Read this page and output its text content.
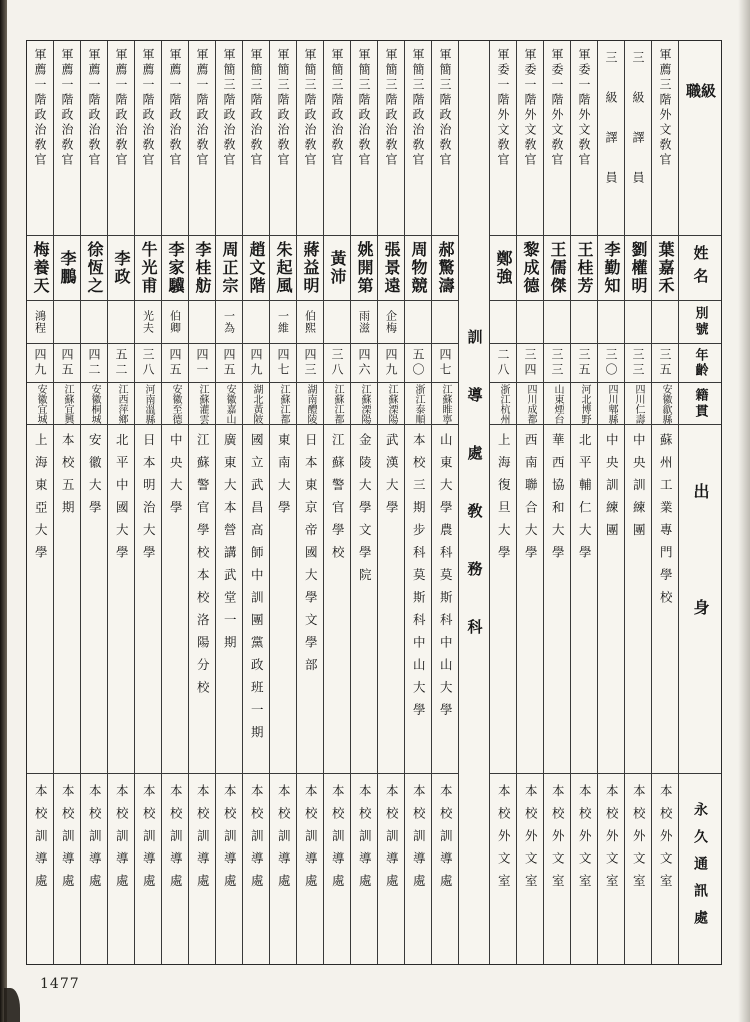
軍薦一階政治敎官
梅養天
鴻程
四九
安徽宜城
上海東亞大學
本校訓導處
軍薦一階政治敎官
李鵬
四五
江蘇宜興
本校五期
本校訓導處
軍薦一階政治敎官
徐恆之
四二
安徽桐城
安徽大學
本校訓導處
軍薦一階政治敎官
李政
五二
江西萍鄉
北平中國大學
本校訓導處
軍薦一階政治敎官
牛光甫
光夫
三八
河南溫縣
日本明治大學
本校訓導處
軍薦一階政治敎官
李家驥
伯卿
四五
安徽至德
中央大學
本校訓導處
軍薦一階政治敎官
李桂舫
四一
江蘇灌雲
江蘇警官學校本校洛陽分校
本校訓導處
軍簡三階政治敎官
周正宗
一為
四五
安徽嘉山
廣東大本營講武堂一期
本校訓導處
軍簡三階政治敎官
趙文階
四九
湖北黃陂
國立武昌高師中訓團黨政班一期
本校訓導處
軍簡三階政治敎官
朱起風
一維
四七
江蘇江都
東南大學
本校訓導處
軍簡三階政治敎官
蔣益明
伯熙
四三
湖南醴陵
日本東京帝國大學文學部
本校訓導處
軍簡三階政治敎官
黃沛
三八
江蘇江都
江蘇警官學校
本校訓導處
軍簡三階政治敎官
姚開第
雨滋
四六
江蘇溧陽
金陵大學文學院
本校訓導處
軍簡三階政治敎官
張景遠
企梅
四九
江蘇溧陽
武漢大學
本校訓導處
軍簡三階政治敎官
周物競
五〇
浙江泰順
本校三期步科莫斯科中山大學
本校訓導處
軍簡三階政治敎官
郝驚濤
四七
江蘇睢寧
山東大學農科莫斯科中山大學
本校訓導處
訓導處敎務科
軍委一階外文敎官
鄭強
二八
浙江杭州
上海復旦大學
本校外文室
軍委一階外文敎官
黎成德
三四
四川成都
西南聯合大學
本校外文室
軍委一階外文敎官
王儒傑
三三
山東煙台
華西協和大學
本校外文室
軍委一階外文敎官
王桂芳
三五
河北博野
北平輔仁大學
本校外文室
三級譯員
李勤知
三〇
四川郫縣
中央訓練團
本校外文室
三級譯員
劉權明
三三
四川仁壽
中央訓練團
本校外文室
軍薦三階外文敎官
葉嘉禾
三五
安徽歙縣
蘇州工業專門學校
本校外文室
級職
姓名
別號
年齡
籍貫
出身
永久通訊處
1477
